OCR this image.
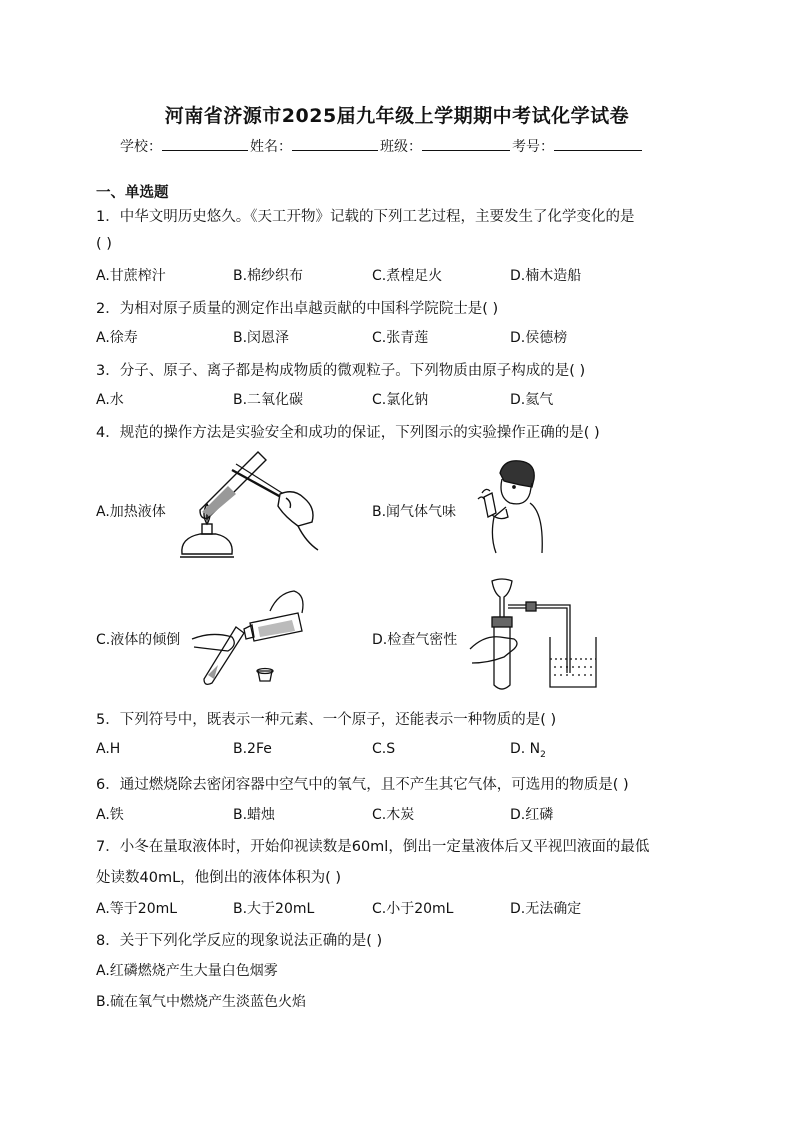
河南省济源市2025届九年级上学期期中考试化学试卷
学校：	姓名：	班级：	考号：
一、单选题
1．中华文明历史悠久。《天工开物》记载的下列工艺过程，主要发生了化学变化的是
( )
A.甘蔗榨汁	B.棉纱织布	C.煮楻足火	D.楠木造船
2．为相对原子质量的测定作出卓越贡献的中国科学院院士是( )
A.徐寿	B.闵恩泽	C.张青莲	D.侯德榜
3．分子、原子、离子都是构成物质的微观粒子。下列物质由原子构成的是( )
A.水	B.二氧化碳	C.氯化钠	D.氦气
4．规范的操作方法是实验安全和成功的保证，下列图示的实验操作正确的是( )
A.加热液体	B.闻气体气味
C.液体的倾倒	D.检查气密性
5．下列符号中，既表示一种元素、一个原子，还能表示一种物质的是( )
A.H	B.2Fe	C.S	D. $N_2$
6．通过燃烧除去密闭容器中空气中的氧气，且不产生其它气体，可选用的物质是( )
A.铁	B.蜡烛	C.木炭	D.红磷
7．小冬在量取液体时，开始仰视读数是60ml，倒出一定量液体后又平视凹液面的最低
处读数40mL，他倒出的液体体积为( )
A.等于20mL	B.大于20mL	C.小于20mL	D.无法确定
8．关于下列化学反应的现象说法正确的是( )
A.红磷燃烧产生大量白色烟雾
B.硫在氧气中燃烧产生淡蓝色火焰
